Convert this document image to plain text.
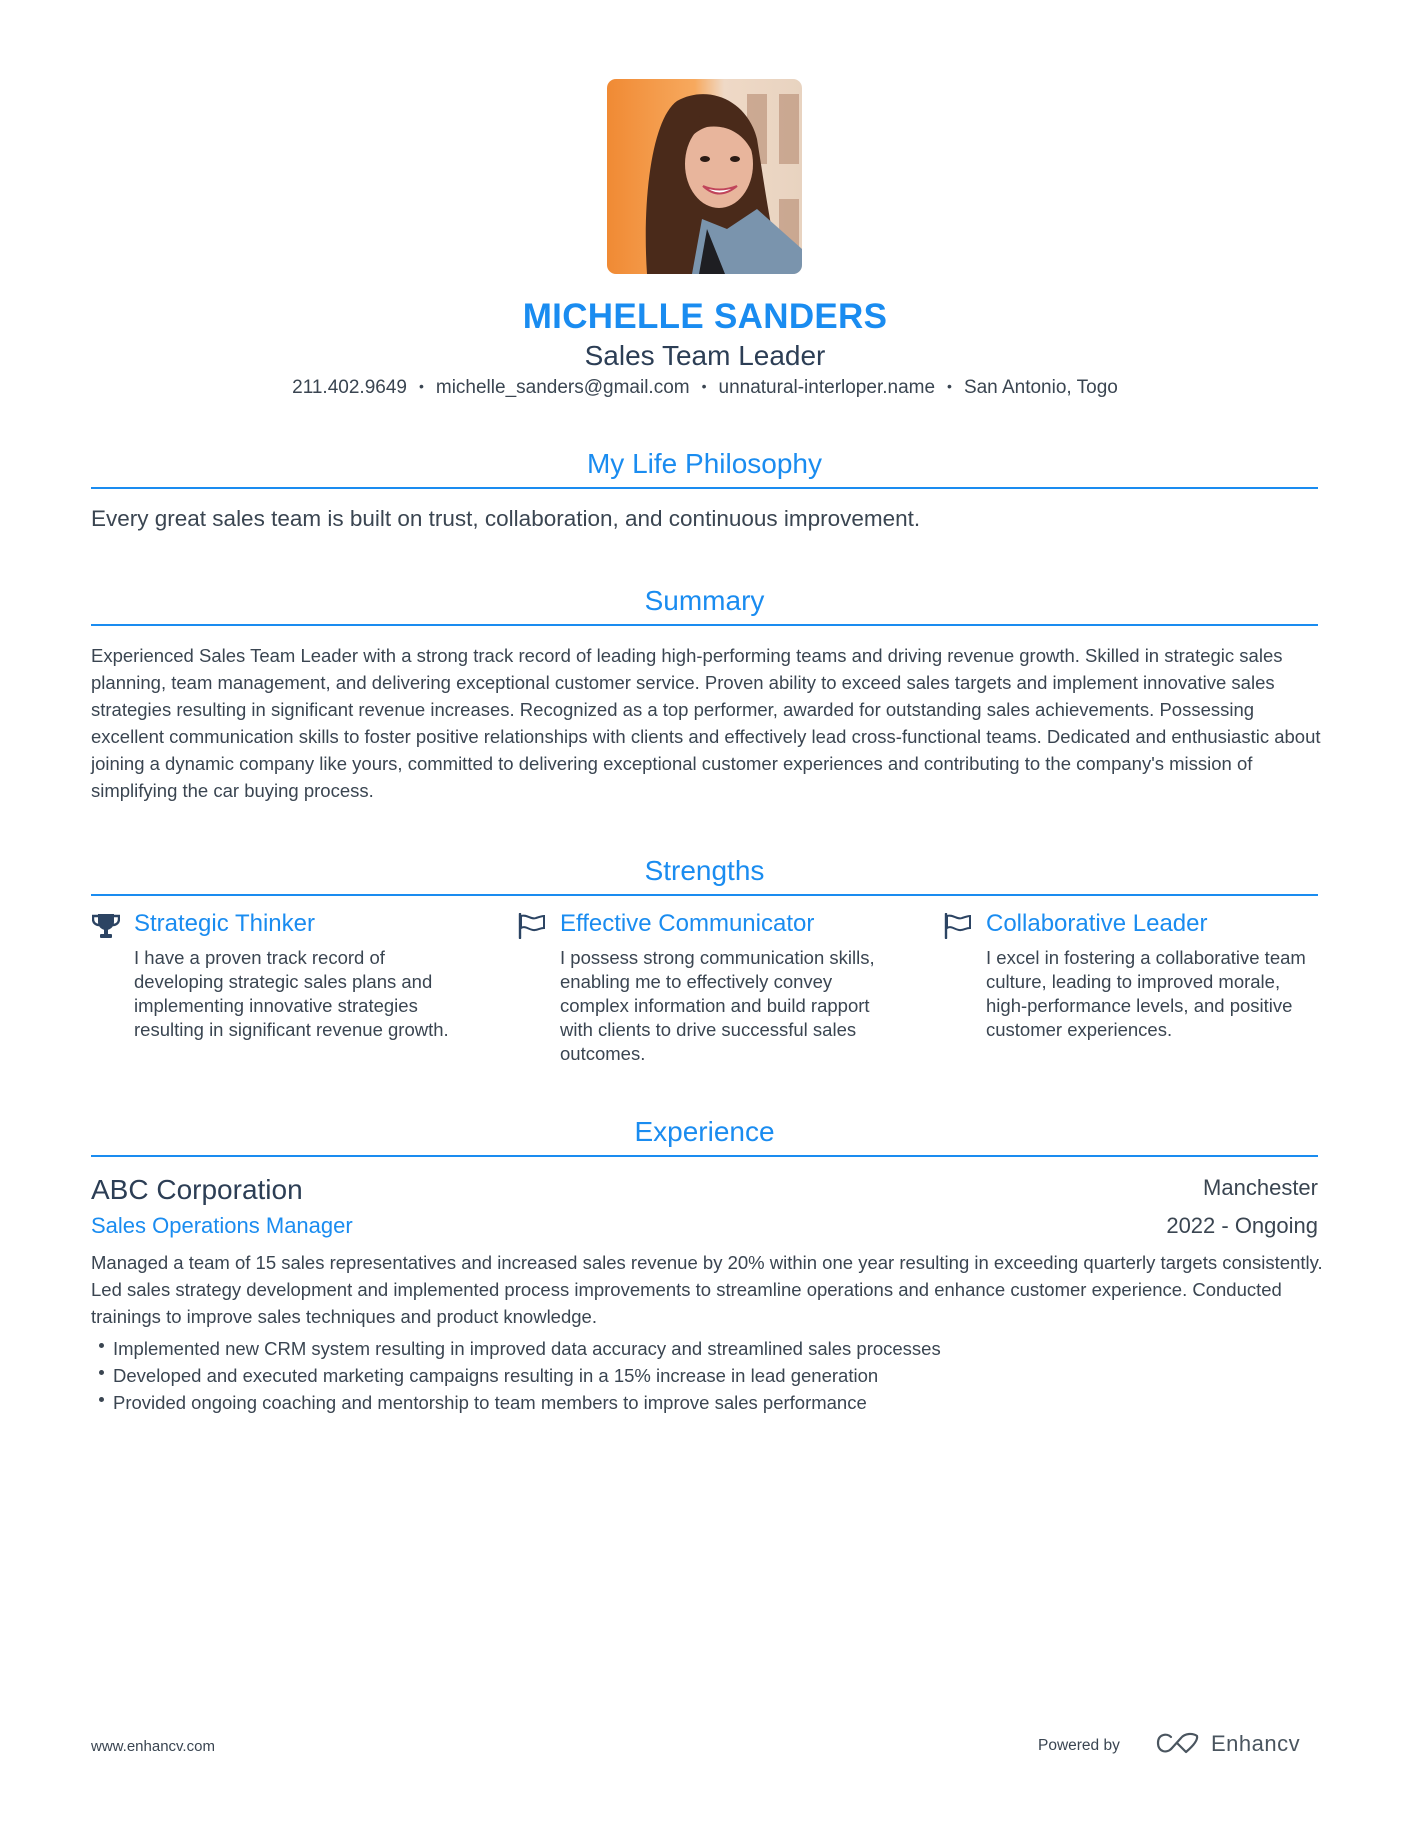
MICHELLE SANDERS
Sales Team Leader
211.402.9649 • michelle_sanders@gmail.com • unnatural-interloper.name • San Antonio, Togo
My Life Philosophy
Every great sales team is built on trust, collaboration, and continuous improvement.
Summary

Experienced Sales Team Leader with a strong track record of leading high-performing teams and driving revenue growth. Skilled in strategic sales planning, team management, and delivering exceptional customer service. Proven ability to exceed sales targets and implement innovative sales strategies resulting in significant revenue increases. Recognized as a top performer, awarded for outstanding sales achievements. Possessing excellent communication skills to foster positive relationships with clients and effectively lead cross-functional teams. Dedicated and enthusiastic about joining a dynamic company like yours, committed to delivering exceptional customer experiences and contributing to the company's mission of simplifying the car buying process.

Strengths
Strategic Thinker

I have a proven track record of developing strategic sales plans and implementing innovative strategies resulting in significant revenue growth.

Effective Communicator

I possess strong communication skills, enabling me to effectively convey complex information and build rapport with clients to drive successful sales outcomes.

Collaborative Leader

I excel in fostering a collaborative team culture, leading to improved morale, high-performance levels, and positive customer experiences.

Experience
ABC Corporation	Manchester
Sales Operations Manager	2022 - Ongoing

Managed a team of 15 sales representatives and increased sales revenue by 20% within one year resulting in exceeding quarterly targets consistently. Led sales strategy development and implemented process improvements to streamline operations and enhance customer experience. Conducted trainings to improve sales techniques and product knowledge.

Implemented new CRM system resulting in improved data accuracy and streamlined sales processes
Developed and executed marketing campaigns resulting in a 15% increase in lead generation
Provided ongoing coaching and mentorship to team members to improve sales performance
www.enhancv.com	Powered by	Enhancv
